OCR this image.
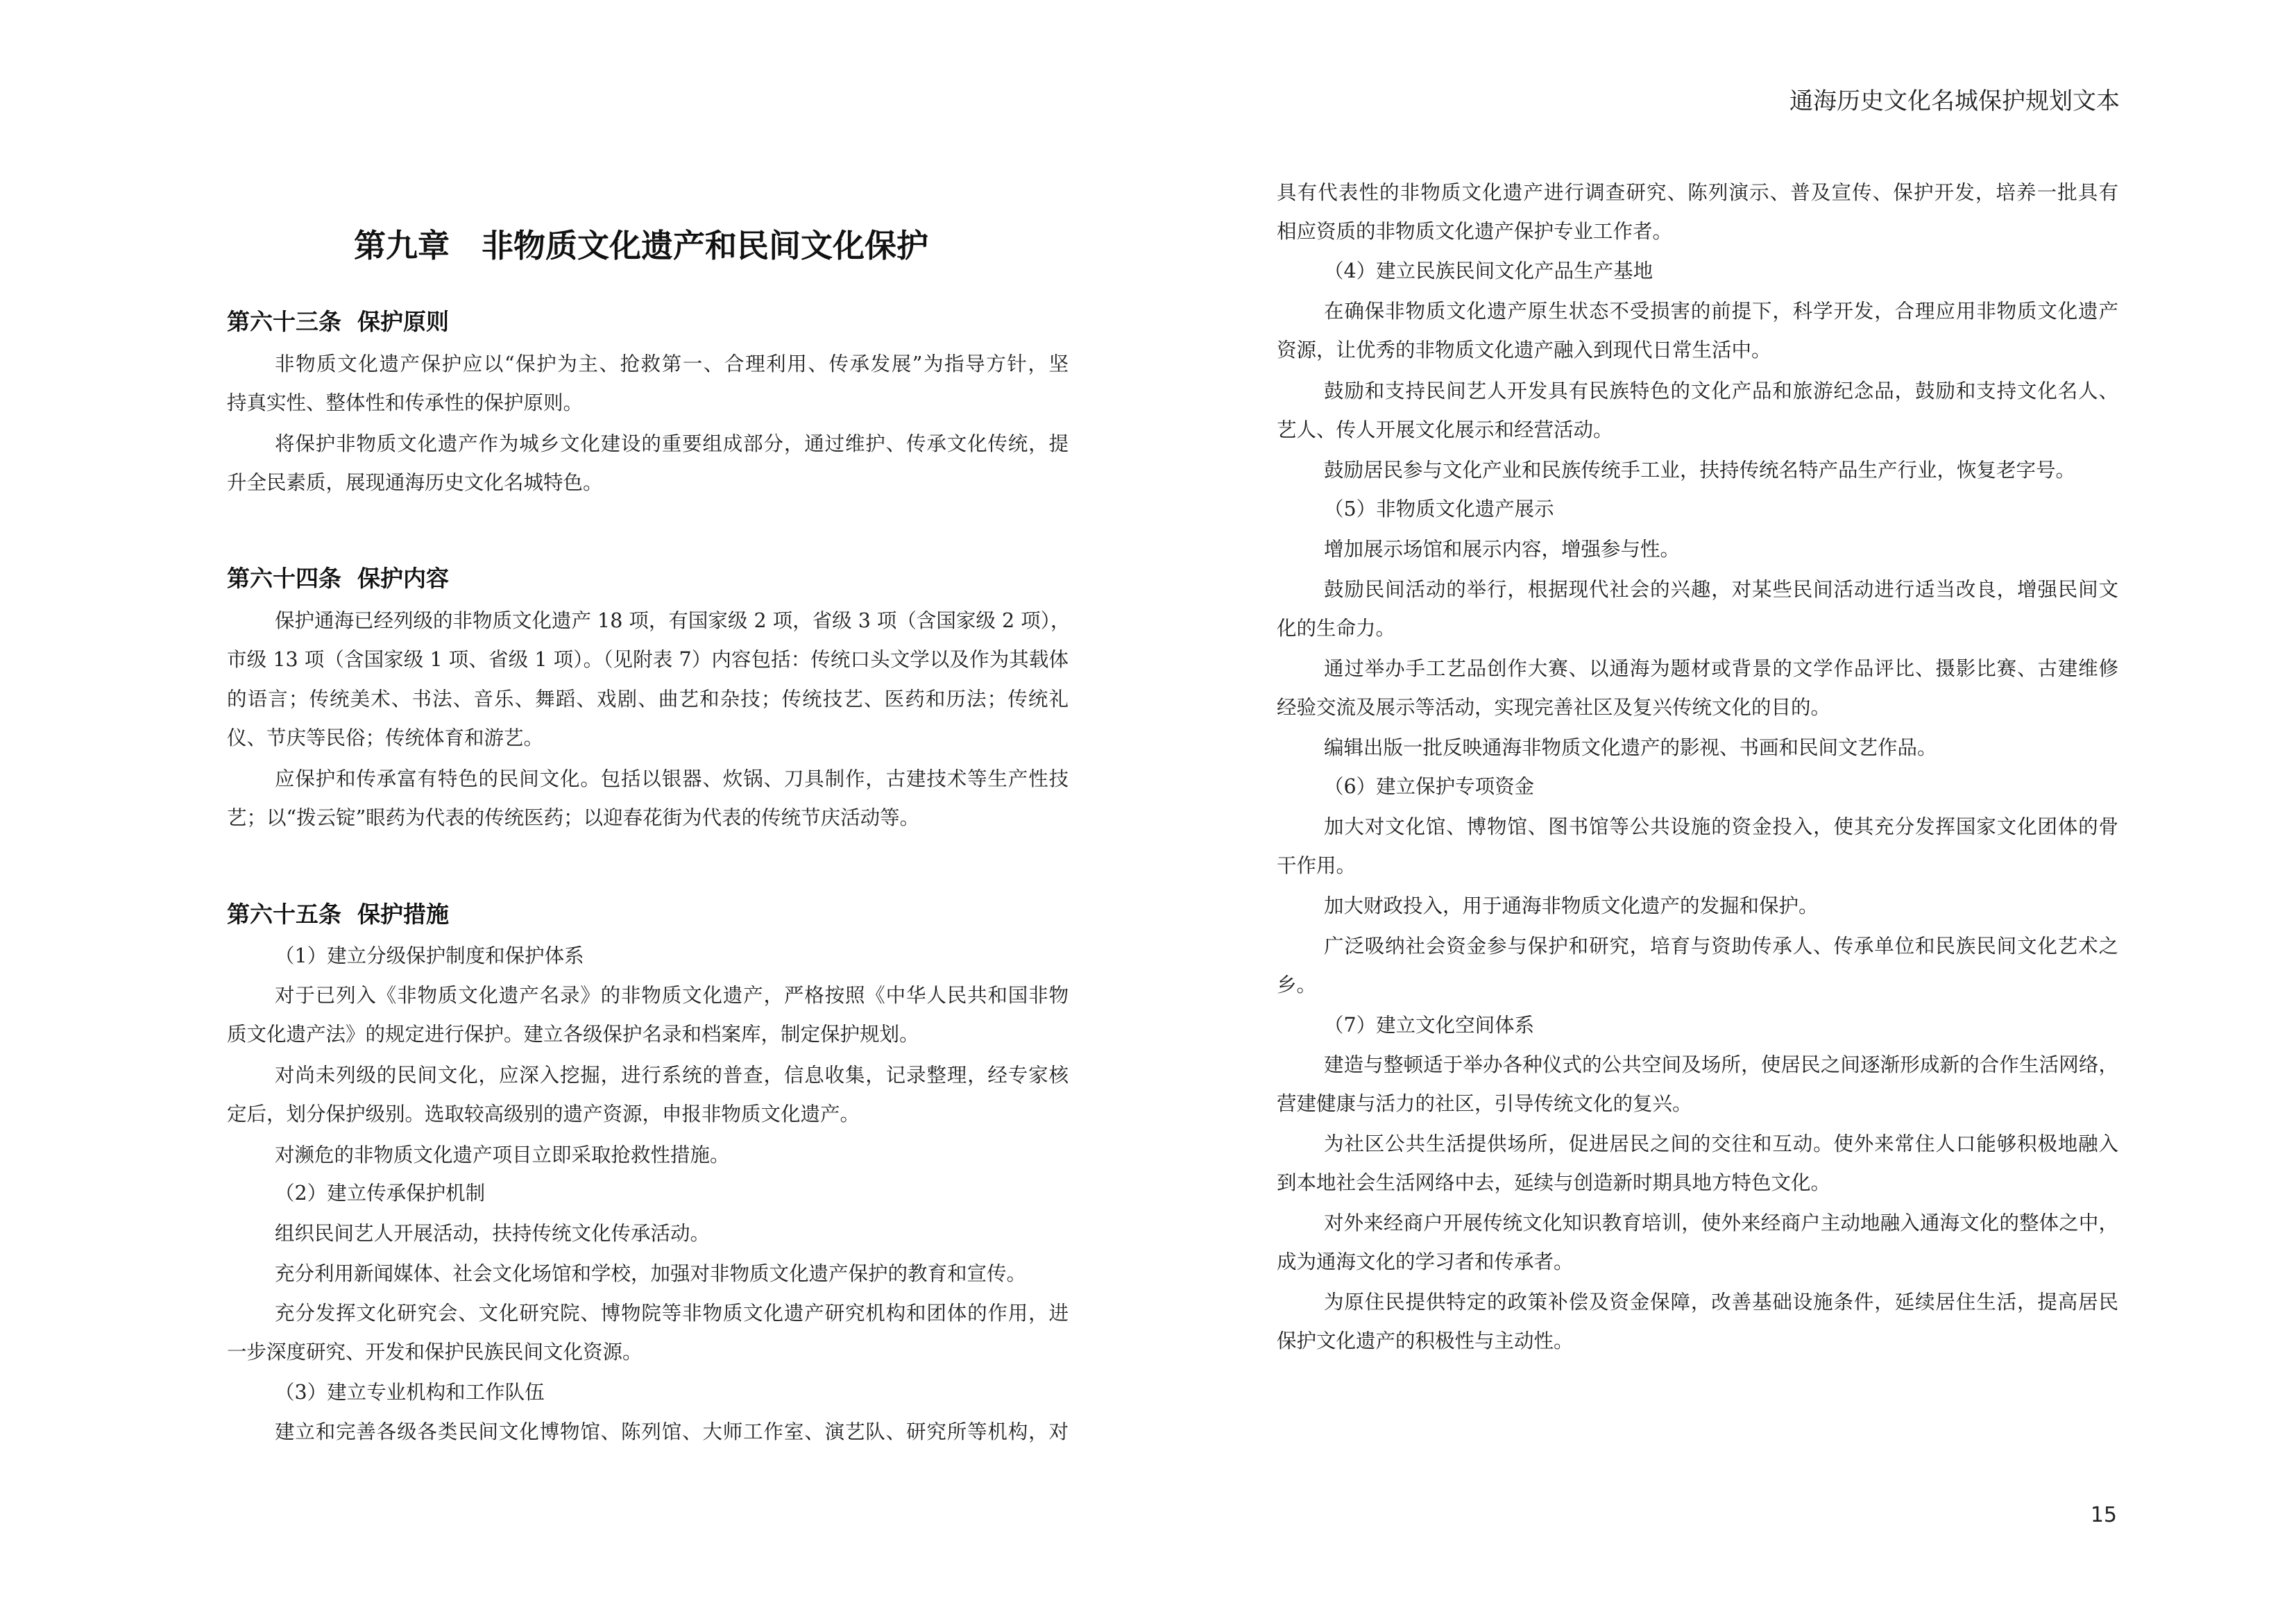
通海历史文化名城保护规划文本
第九章　非物质文化遗产和民间文化保护
第六十三条  保护原则
第六十四条  保护内容
第六十五条  保护措施
非物质文化遗产保护应以“保护为主、抢救第一、合理利用、传承发展”为指导方针，坚
持真实性、整体性和传承性的保护原则。
将保护非物质文化遗产作为城乡文化建设的重要组成部分，通过维护、传承文化传统，提
升全民素质，展现通海历史文化名城特色。
保护通海已经列级的非物质文化遗产 18 项，有国家级 2 项，省级 3 项（含国家级 2 项），
市级 13 项（含国家级 1 项、省级 1 项）。（见附表 7）内容包括：传统口头文学以及作为其载体
的语言；传统美术、书法、音乐、舞蹈、戏剧、曲艺和杂技；传统技艺、医药和历法；传统礼
仪、节庆等民俗；传统体育和游艺。
应保护和传承富有特色的民间文化。包括以银器、炊锅、刀具制作，古建技术等生产性技
艺；以“拨云锭”眼药为代表的传统医药；以迎春花街为代表的传统节庆活动等。
（1）建立分级保护制度和保护体系
对于已列入《非物质文化遗产名录》的非物质文化遗产，严格按照《中华人民共和国非物
质文化遗产法》的规定进行保护。建立各级保护名录和档案库，制定保护规划。
对尚未列级的民间文化，应深入挖掘，进行系统的普查，信息收集，记录整理，经专家核
定后，划分保护级别。选取较高级别的遗产资源，申报非物质文化遗产。
对濒危的非物质文化遗产项目立即采取抢救性措施。
（2）建立传承保护机制
组织民间艺人开展活动，扶持传统文化传承活动。
充分利用新闻媒体、社会文化场馆和学校，加强对非物质文化遗产保护的教育和宣传。
充分发挥文化研究会、文化研究院、博物院等非物质文化遗产研究机构和团体的作用，进
一步深度研究、开发和保护民族民间文化资源。
（3）建立专业机构和工作队伍
建立和完善各级各类民间文化博物馆、陈列馆、大师工作室、演艺队、研究所等机构，对
具有代表性的非物质文化遗产进行调查研究、陈列演示、普及宣传、保护开发，培养一批具有
相应资质的非物质文化遗产保护专业工作者。
（4）建立民族民间文化产品生产基地
在确保非物质文化遗产原生状态不受损害的前提下，科学开发，合理应用非物质文化遗产
资源，让优秀的非物质文化遗产融入到现代日常生活中。
鼓励和支持民间艺人开发具有民族特色的文化产品和旅游纪念品，鼓励和支持文化名人、
艺人、传人开展文化展示和经营活动。
鼓励居民参与文化产业和民族传统手工业，扶持传统名特产品生产行业，恢复老字号。
（5）非物质文化遗产展示
增加展示场馆和展示内容，增强参与性。
鼓励民间活动的举行，根据现代社会的兴趣，对某些民间活动进行适当改良，增强民间文
化的生命力。
通过举办手工艺品创作大赛、以通海为题材或背景的文学作品评比、摄影比赛、古建维修
经验交流及展示等活动，实现完善社区及复兴传统文化的目的。
编辑出版一批反映通海非物质文化遗产的影视、书画和民间文艺作品。
（6）建立保护专项资金
加大对文化馆、博物馆、图书馆等公共设施的资金投入，使其充分发挥国家文化团体的骨
干作用。
加大财政投入，用于通海非物质文化遗产的发掘和保护。
广泛吸纳社会资金参与保护和研究，培育与资助传承人、传承单位和民族民间文化艺术之
乡。
（7）建立文化空间体系
建造与整顿适于举办各种仪式的公共空间及场所，使居民之间逐渐形成新的合作生活网络，
营建健康与活力的社区，引导传统文化的复兴。
为社区公共生活提供场所，促进居民之间的交往和互动。使外来常住人口能够积极地融入
到本地社会生活网络中去，延续与创造新时期具地方特色文化。
对外来经商户开展传统文化知识教育培训，使外来经商户主动地融入通海文化的整体之中，
成为通海文化的学习者和传承者。
为原住民提供特定的政策补偿及资金保障，改善基础设施条件，延续居住生活，提高居民
保护文化遗产的积极性与主动性。
15
